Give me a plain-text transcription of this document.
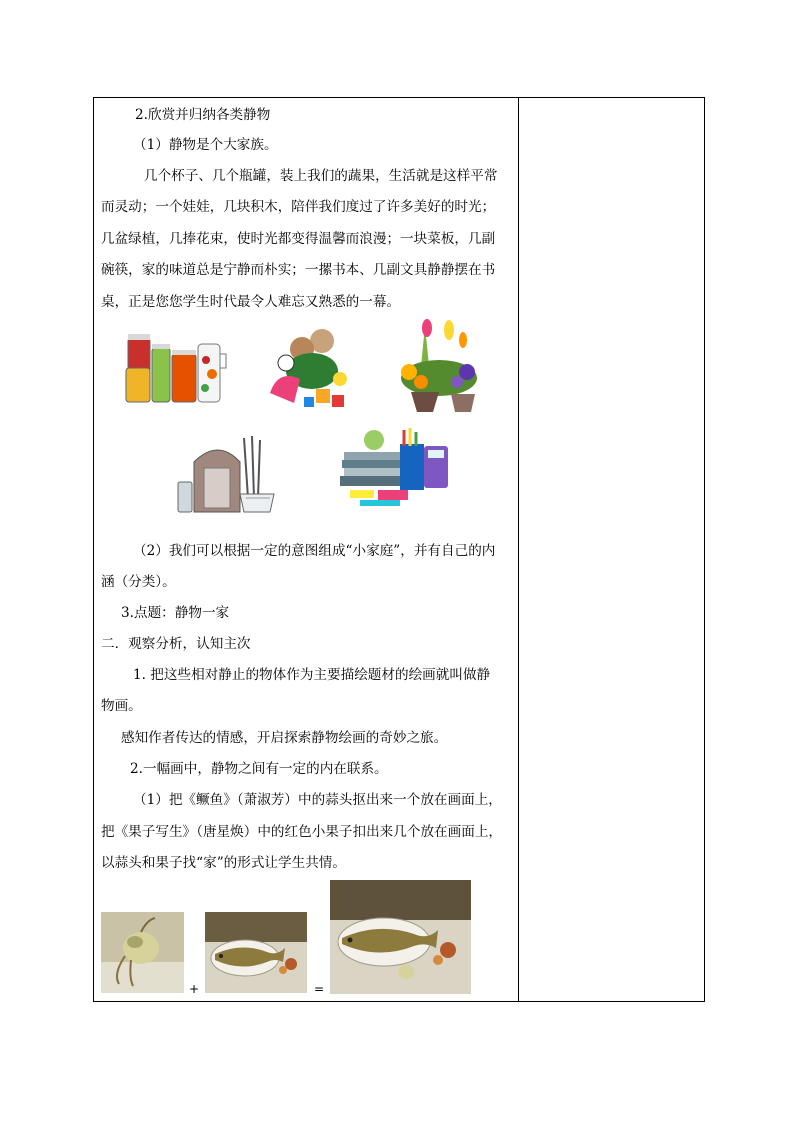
2.欣赏并归纳各类静物
（1）静物是个大家族。
几个杯子、几个瓶罐，装上我们的蔬果，生活就是这样平常
而灵动；一个娃娃，几块积木，陪伴我们度过了许多美好的时光；
几盆绿植，几捧花束，使时光都变得温馨而浪漫；一块菜板，几副
碗筷，家的味道总是宁静而朴实；一摞书本、几副文具静静摆在书
桌，正是您您学生时代最令人难忘又熟悉的一幕。
（2）我们可以根据一定的意图组成“小家庭”，并有自己的内
涵（分类）。
3.点题：静物一家
二．观察分析，认知主次
1. 把这些相对静止的物体作为主要描绘题材的绘画就叫做静
物画。
感知作者传达的情感，开启探索静物绘画的奇妙之旅。
2.一幅画中，静物之间有一定的内在联系。
（1）把《鳜鱼》（萧淑芳）中的蒜头抠出来一个放在画面上，
把《果子写生》（唐星焕）中的红色小果子扣出来几个放在画面上，
以蒜头和果子找“家”的形式让学生共情。
+	=
